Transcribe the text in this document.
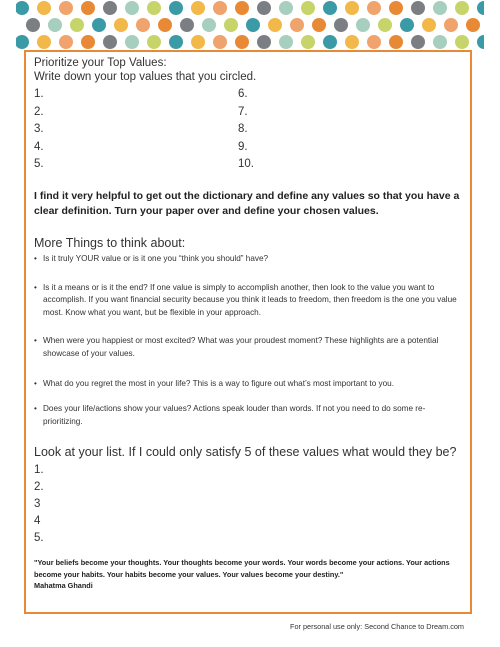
Prioritize your Top Values:
Write down your top values that you circled.
1.	6.
2.	7.
3.	8.
4.	9.
5.	10.
I find it very helpful to get out the dictionary and define any values so that you have a clear definition. Turn your paper over and define your chosen values.
More Things to think about:
• Is it truly YOUR value or is it one you “think you should” have?
• Is it a means or is it the end? If one value is simply to accomplish another, then look to the value you want to accomplish. If you want financial security because you think it leads to freedom, then freedom is the one you value most. Know what you want, but be flexible in your approach.
• When were you happiest or most excited? What was your proudest moment? These highlights are a potential showcase of your values.
• What do you regret the most in your life? This is a way to figure out what’s most important to you.
• Does your life/actions show your values? Actions speak louder than words. If not you need to do some re-prioritizing.
Look at your list. If I could only satisfy 5 of these values what would they be?
1.
2.
3
4
5.
"Your beliefs become your thoughts. Your thoughts become your words. Your words become your actions. Your actions become your habits. Your habits become your values. Your values become your destiny."
Mahatma Ghandi
For personal use only: Second Chance to Dream.com
